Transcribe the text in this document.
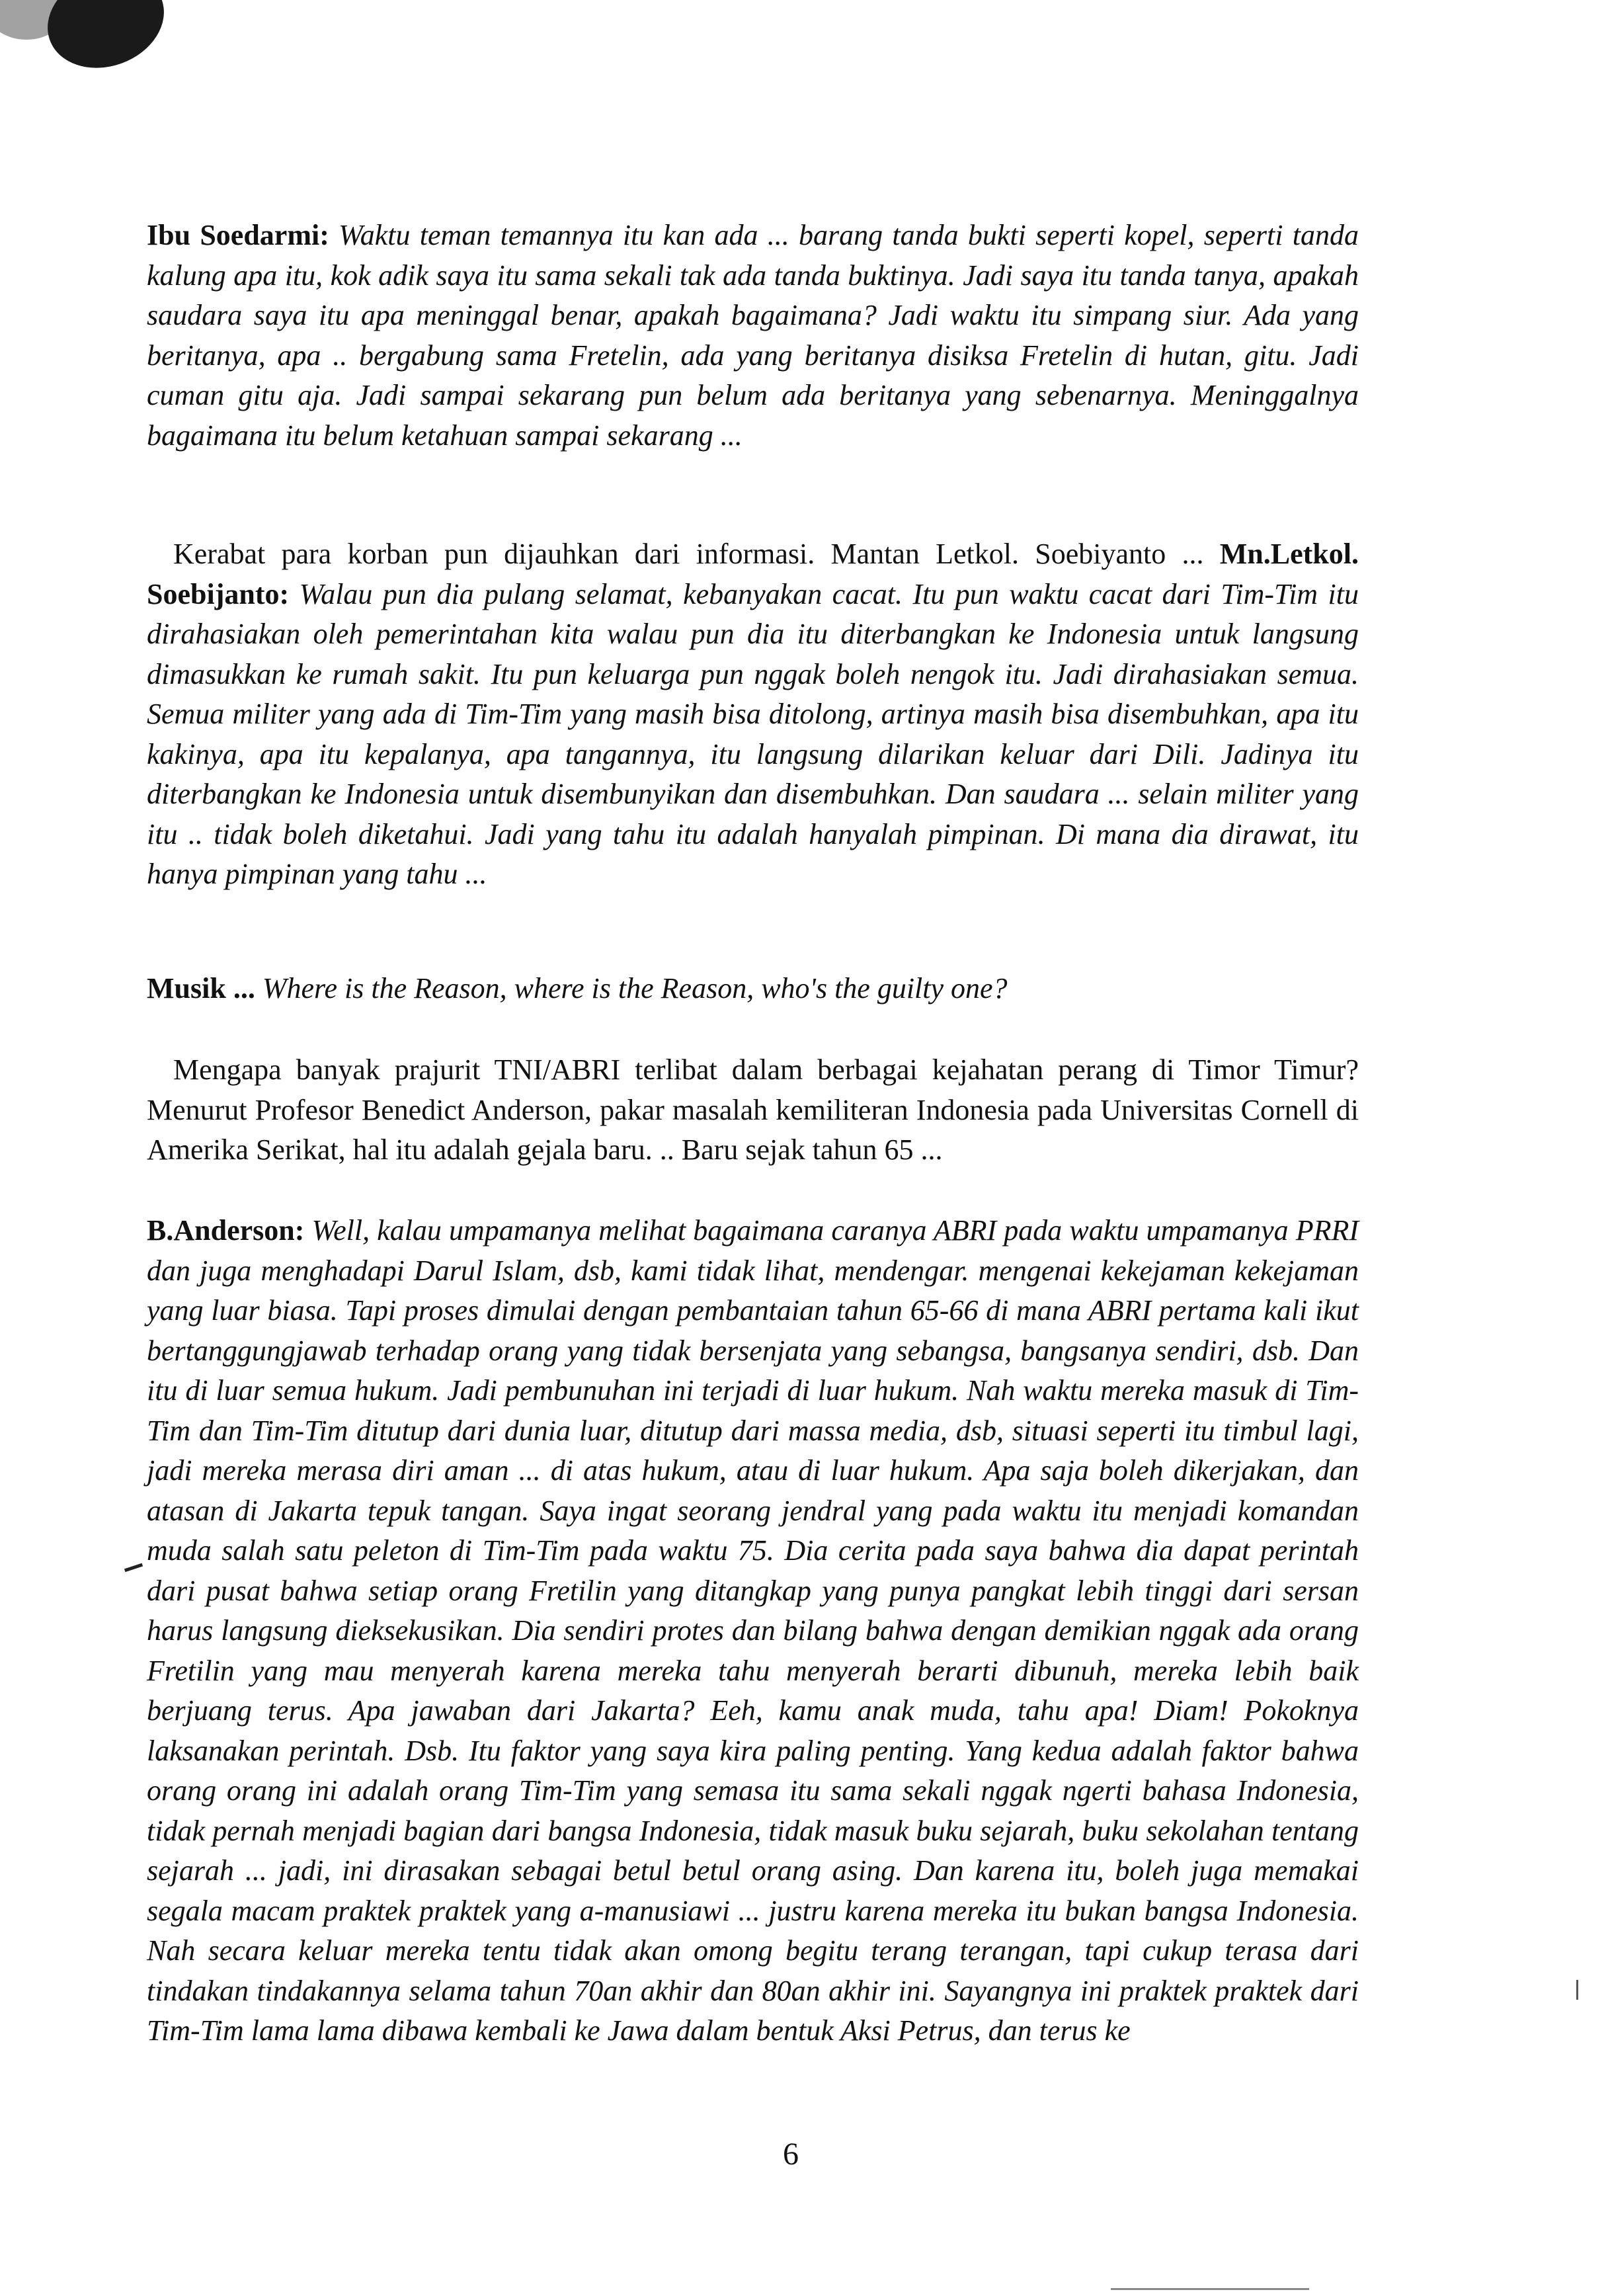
Ibu Soedarmi: Waktu teman temannya itu kan ada ... barang tanda bukti seperti kopel, seperti tanda kalung apa itu, kok adik saya itu sama sekali tak ada tanda buktinya. Jadi saya itu tanda tanya, apakah saudara saya itu apa meninggal benar, apakah bagaimana? Jadi waktu itu simpang siur. Ada yang beritanya, apa .. bergabung sama Fretelin, ada yang beritanya disiksa Fretelin di hutan, gitu. Jadi cuman gitu aja. Jadi sampai sekarang pun belum ada beritanya yang sebenarnya. Meninggalnya bagaimana itu belum ketahuan sampai sekarang ...

Kerabat para korban pun dijauhkan dari informasi. Mantan Letkol. Soebiyanto ... Mn.Letkol. Soebijanto: Walau pun dia pulang selamat, kebanyakan cacat. Itu pun waktu cacat dari Tim-Tim itu dirahasiakan oleh pemerintahan kita walau pun dia itu diterbangkan ke Indonesia untuk langsung dimasukkan ke rumah sakit. Itu pun keluarga pun nggak boleh nengok itu. Jadi dirahasiakan semua. Semua militer yang ada di Tim-Tim yang masih bisa ditolong, artinya masih bisa disembuhkan, apa itu kakinya, apa itu kepalanya, apa tangannya, itu langsung dilarikan keluar dari Dili. Jadinya itu diterbangkan ke Indonesia untuk disembunyikan dan disembuhkan. Dan saudara ... selain militer yang itu .. tidak boleh diketahui. Jadi yang tahu itu adalah hanyalah pimpinan. Di mana dia dirawat, itu hanya pimpinan yang tahu ...

Musik ... Where is the Reason, where is the Reason, who's the guilty one?

Mengapa banyak prajurit TNI/ABRI terlibat dalam berbagai kejahatan perang di Timor Timur? Menurut Profesor Benedict Anderson, pakar masalah kemiliteran Indonesia pada Universitas Cornell di Amerika Serikat, hal itu adalah gejala baru. .. Baru sejak tahun 65 ...

B.Anderson: Well, kalau umpamanya melihat bagaimana caranya ABRI pada waktu umpamanya PRRI dan juga menghadapi Darul Islam, dsb, kami tidak lihat, mendengar. mengenai kekejaman kekejaman yang luar biasa. Tapi proses dimulai dengan pembantaian tahun 65-66 di mana ABRI pertama kali ikut bertanggungjawab terhadap orang yang tidak bersenjata yang sebangsa, bangsanya sendiri, dsb. Dan itu di luar semua hukum. Jadi pembunuhan ini terjadi di luar hukum. Nah waktu mereka masuk di Tim-Tim dan Tim-Tim ditutup dari dunia luar, ditutup dari massa media, dsb, situasi seperti itu timbul lagi, jadi mereka merasa diri aman ... di atas hukum, atau di luar hukum. Apa saja boleh dikerjakan, dan atasan di Jakarta tepuk tangan. Saya ingat seorang jendral yang pada waktu itu menjadi komandan muda salah satu peleton di Tim-Tim pada waktu 75. Dia cerita pada saya bahwa dia dapat perintah dari pusat bahwa setiap orang Fretilin yang ditangkap yang punya pangkat lebih tinggi dari sersan harus langsung dieksekusikan. Dia sendiri protes dan bilang bahwa dengan demikian nggak ada orang Fretilin yang mau menyerah karena mereka tahu menyerah berarti dibunuh, mereka lebih baik berjuang terus. Apa jawaban dari Jakarta? Eeh, kamu anak muda, tahu apa! Diam! Pokoknya laksanakan perintah. Dsb. Itu faktor yang saya kira paling penting. Yang kedua adalah faktor bahwa orang orang ini adalah orang Tim-Tim yang semasa itu sama sekali nggak ngerti bahasa Indonesia, tidak pernah menjadi bagian dari bangsa Indonesia, tidak masuk buku sejarah, buku sekolahan tentang sejarah ... jadi, ini dirasakan sebagai betul betul orang asing. Dan karena itu, boleh juga memakai segala macam praktek praktek yang a-manusiawi ... justru karena mereka itu bukan bangsa Indonesia. Nah secara keluar mereka tentu tidak akan omong begitu terang terangan, tapi cukup terasa dari tindakan tindakannya selama tahun 70an akhir dan 80an akhir ini. Sayangnya ini praktek praktek dari Tim-Tim lama lama dibawa kembali ke Jawa dalam bentuk Aksi Petrus, dan terus ke

6
